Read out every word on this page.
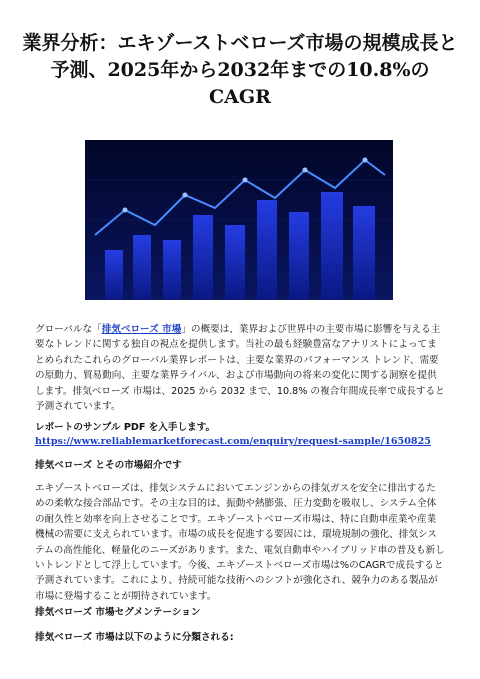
業界分析：エキゾーストベローズ市場の規模成長と予測、2025年から2032年までの10.8%のCAGR

グローバルな「排気ベローズ 市場」の概要は、業界および世界中の主要市場に影響を与える主要なトレンドに関する独自の視点を提供します。当社の最も経験豊富なアナリストによってまとめられたこれらのグローバル業界レポートは、主要な業界のパフォーマンス トレンド、需要の原動力、貿易動向、主要な業界ライバル、および市場動向の将来の変化に関する洞察を提供します。排気ベローズ 市場は、2025 から 2032 まで、10.8% の複合年間成長率で成長すると予測されています。

レポートのサンプル PDF を入手します。
https://www.reliablemarketforecast.com/enquiry/request-sample/1650825
排気ベローズ とその市場紹介です

エキゾーストベローズは、排気システムにおいてエンジンからの排気ガスを安全に排出するための柔軟な接合部品です。その主な目的は、振動や熱膨張、圧力変動を吸収し、システム全体の耐久性と効率を向上させることです。エキゾーストベローズ市場は、特に自動車産業や産業機械の需要に支えられています。市場の成長を促進する要因には、環境規制の強化、排気システムの高性能化、軽量化のニーズがあります。また、電気自動車やハイブリッド車の普及も新しいトレンドとして浮上しています。今後、エキゾーストベローズ市場は%のCAGRで成長すると予測されています。これにより、持続可能な技術へのシフトが強化され、競争力のある製品が市場に登場することが期待されています。

排気ベローズ 市場セグメンテーション
排気ベローズ 市場は以下のように分類される:
